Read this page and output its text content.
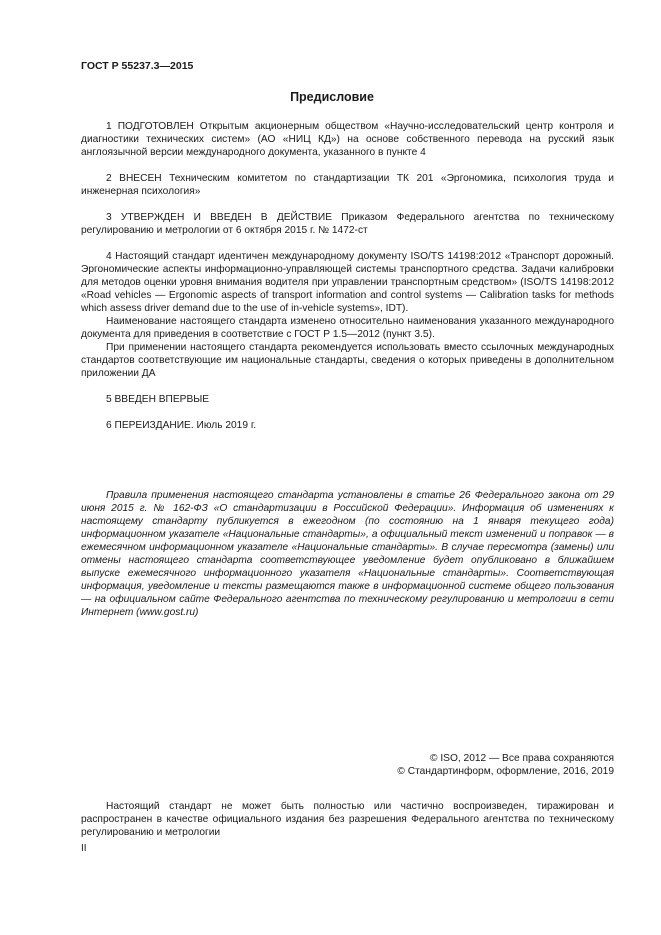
ГОСТ Р 55237.3—2015
Предисловие

1 ПОДГОТОВЛЕН Открытым акционерным обществом «Научно-исследовательский центр контроля и диагностики технических систем» (АО «НИЦ КД») на основе собственного перевода на русский язык англоязычной версии международного документа, указанного в пункте 4

2 ВНЕСЕН Техническим комитетом по стандартизации ТК 201 «Эргономика, психология труда и инженерная психология»

3 УТВЕРЖДЕН И ВВЕДЕН В ДЕЙСТВИЕ Приказом Федерального агентства по техническому регулированию и метрологии от 6 октября 2015 г. № 1472-ст

4 Настоящий стандарт идентичен международному документу ISO/TS 14198:2012 «Транспорт дорожный. Эргономические аспекты информационно-управляющей системы транспортного средства. Задачи калибровки для методов оценки уровня внимания водителя при управлении транспортным средством» (ISO/TS 14198:2012 «Road vehicles — Ergonomic aspects of transport information and control systems — Calibration tasks for methods which assess driver demand due to the use of in-vehicle systems», IDT).

Наименование настоящего стандарта изменено относительно наименования указанного международного документа для приведения в соответствие с ГОСТ Р 1.5—2012 (пункт 3.5).

При применении настоящего стандарта рекомендуется использовать вместо ссылочных международных стандартов соответствующие им национальные стандарты, сведения о которых приведены в дополнительном приложении ДА

5 ВВЕДЕН ВПЕРВЫЕ

6 ПЕРЕИЗДАНИЕ. Июль 2019 г.

Правила применения настоящего стандарта установлены в статье 26 Федерального закона от 29 июня 2015 г. № 162-ФЗ «О стандартизации в Российской Федерации». Информация об изменениях к настоящему стандарту публикуется в ежегодном (по состоянию на 1 января текущего года) информационном указателе «Национальные стандарты», а официальный текст изменений и поправок — в ежемесячном информационном указателе «Национальные стандарты». В случае пересмотра (замены) или отмены настоящего стандарта соответствующее уведомление будет опубликовано в ближайшем выпуске ежемесячного информационного указателя «Национальные стандарты». Соответствующая информация, уведомление и тексты размещаются также в информационной системе общего пользования — на официальном сайте Федерального агентства по техническому регулированию и метрологии в сети Интернет (www.gost.ru)

© ISO, 2012 — Все права сохраняются
© Стандартинформ, оформление, 2016, 2019

Настоящий стандарт не может быть полностью или частично воспроизведен, тиражирован и распространен в качестве официального издания без разрешения Федерального агентства по техническому регулированию и метрологии

II
